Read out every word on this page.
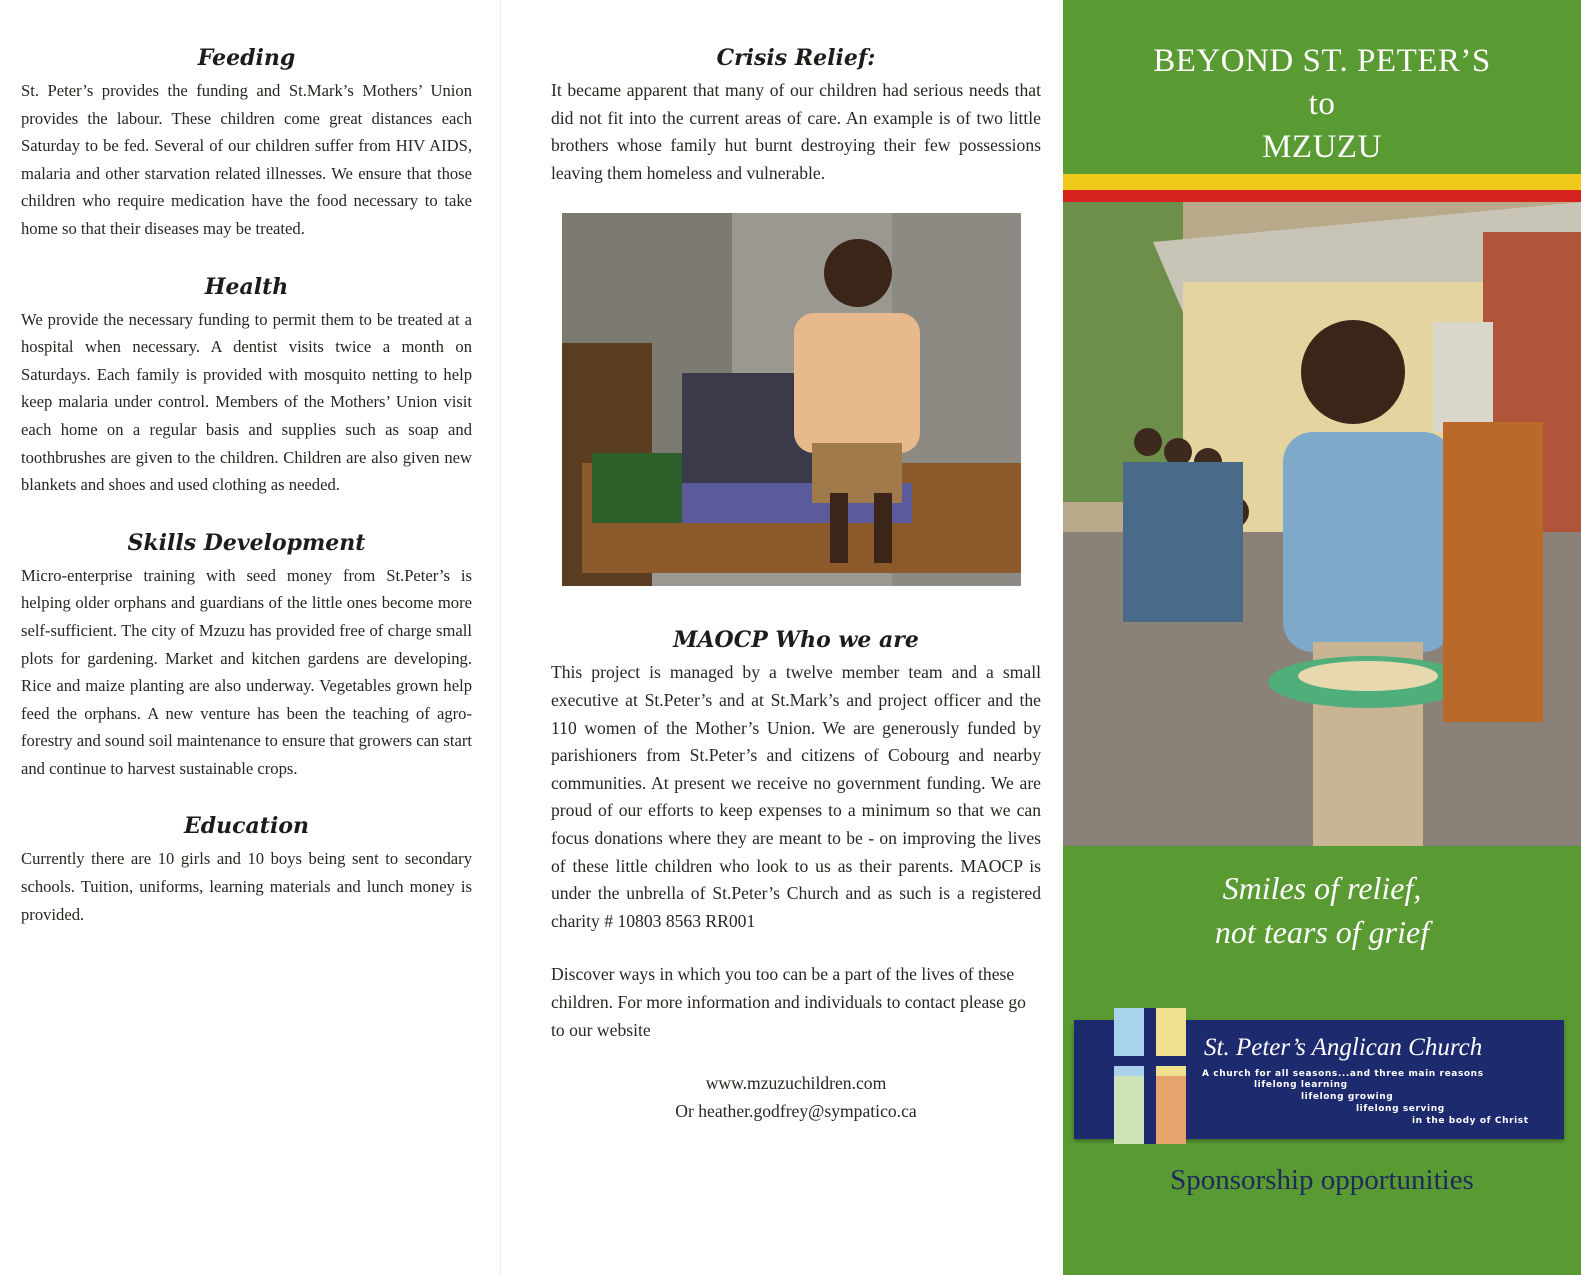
Feeding

St. Peter’s provides the funding and St.Mark’s Mothers’ Union provides the labour. These children come great distances each Saturday to be fed. Several of our children suffer from HIV AIDS, malaria and other starvation related illnesses. We ensure that those children who require medication have the food necessary to take home so that their diseases may be treated.

Health

We provide the necessary funding to permit them to be treated at a hospital when necessary. A dentist visits twice a month on Saturdays. Each family is provided with mosquito netting to help keep malaria under control. Members of the Mothers’ Union visit each home on a regular basis and supplies such as soap and toothbrushes are given to the children. Children are also given new blankets and shoes and used clothing as needed.

Skills Development

Micro-enterprise training with seed money from St.Peter’s is helping older orphans and guardians of the little ones become more self-sufficient. The city of Mzuzu has provided free of charge small plots for gardening. Market and kitchen gardens are developing. Rice and maize planting are also underway. Vegetables grown help feed the orphans. A new venture has been the teaching of agro-forestry and sound soil maintenance to ensure that growers can start and continue to harvest sustainable crops.

Education

Currently there are 10 girls and 10 boys being sent to secondary schools. Tuition, uniforms, learning materials and lunch money is provided.

Crisis Relief:

It became apparent that many of our children had serious needs that did not fit into the current areas of care. An example is of two little brothers whose family hut burnt destroying their few possessions leaving them homeless and vulnerable.

MAOCP Who we are

This project is managed by a twelve member team and a small executive at St.Peter’s and at St.Mark’s and project officer and the 110 women of the Mother’s Union. We are generously funded by parishioners from St.Peter’s and citizens of Cobourg and nearby communities. At present we receive no government funding. We are proud of our efforts to keep expenses to a minimum so that we can focus donations where they are meant to be - on improving the lives of these little children who look to us as their parents. MAOCP is under the unbrella of St.Peter’s Church and as such is a registered charity # 10803 8563 RR001

Discover ways in which you too can be a part of the lives of these children. For more information and individuals to contact please go to our website

www.mzuzuchildren.com

Or heather.godfrey@sympatico.ca

BEYOND ST. PETER’S
to
MZUZU
Smiles of relief,
not tears of grief
St. Peter’s Anglican Church
A church for all seasons...and three main reasons
lifelong learning
lifelong growing
lifelong serving
in the body of Christ
Sponsorship opportunities
